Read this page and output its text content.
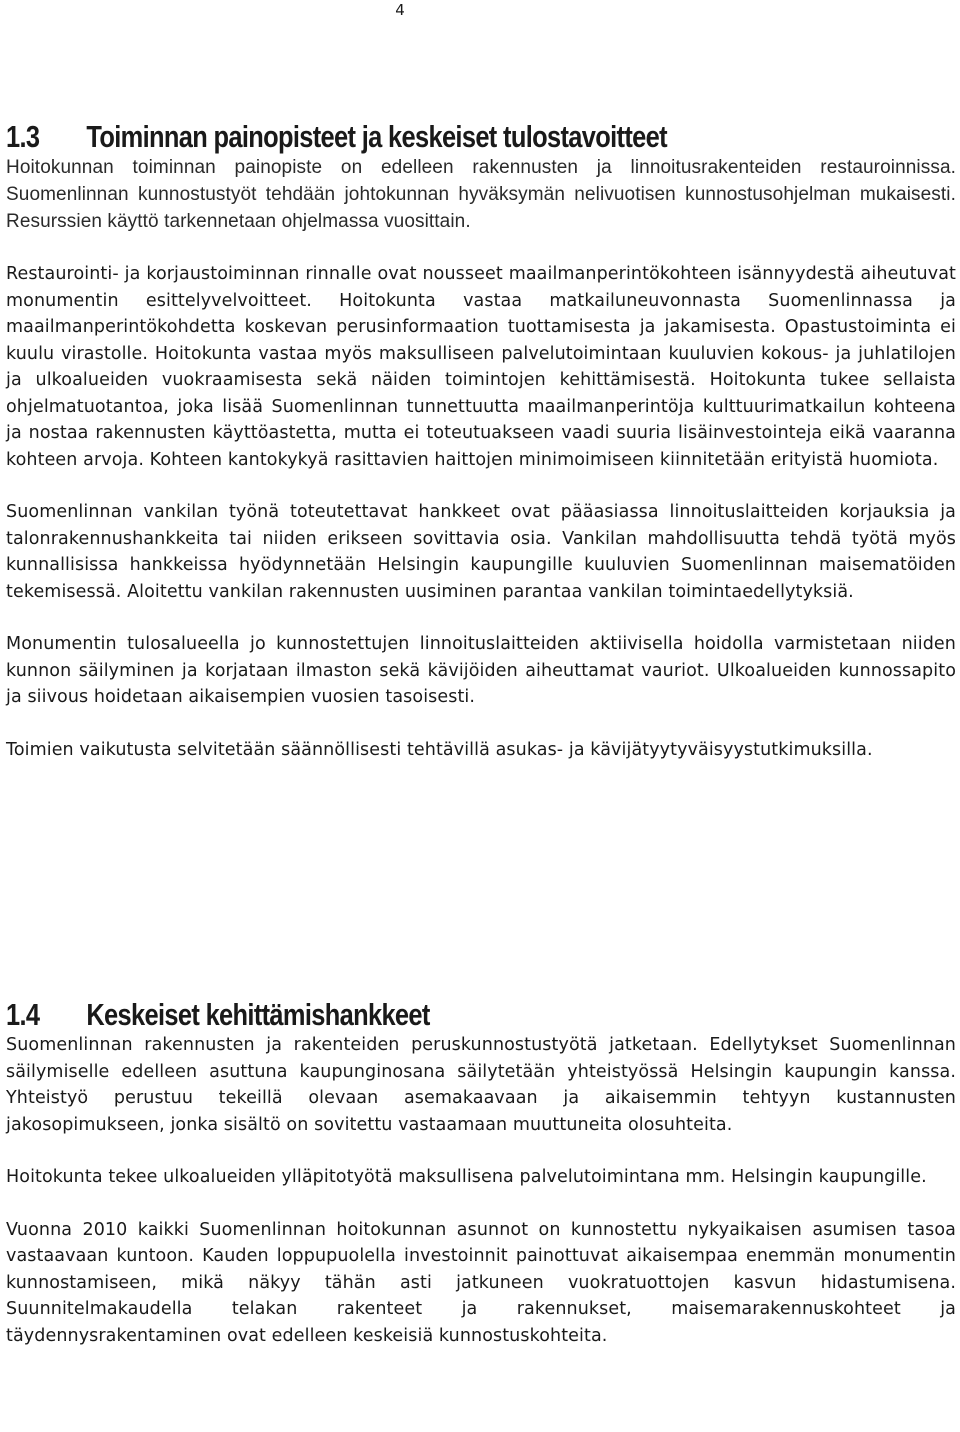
4
1.3 Toiminnan painopisteet ja keskeiset tulostavoitteet

Hoitokunnan toiminnan painopiste on edelleen rakennusten ja linnoitusrakenteiden restauroinnissa. Suomenlinnan kunnostustyöt tehdään johtokunnan hyväksymän nelivuotisen kunnostusohjelman mukaisesti. Resurssien käyttö tarkennetaan ohjelmassa vuosittain.

Restaurointi- ja korjaustoiminnan rinnalle ovat nousseet maailmanperintökohteen isännyydestä aiheutuvat monumentin esittelyvelvoitteet. Hoitokunta vastaa matkailuneuvonnasta Suomenlinnassa ja maailmanperintökohdetta koskevan perusinformaation tuottamisesta ja jakamisesta. Opastustoiminta ei kuulu virastolle. Hoitokunta vastaa myös maksulliseen palvelutoimintaan kuuluvien kokous- ja juhlatilojen ja ulkoalueiden vuokraamisesta sekä näiden toimintojen kehittämisestä. Hoitokunta tukee sellaista ohjelmatuotantoa, joka lisää Suomenlinnan tunnettuutta maailmanperintöja kulttuurimatkailun kohteena ja nostaa rakennusten käyttöastetta, mutta ei toteutuakseen vaadi suuria lisäinvestointeja eikä vaaranna kohteen arvoja. Kohteen kantokykyä rasittavien haittojen minimoimiseen kiinnitetään erityistä huomiota.

Suomenlinnan vankilan työnä toteutettavat hankkeet ovat pääasiassa linnoituslaitteiden korjauksia ja talonrakennushankkeita tai niiden erikseen sovittavia osia. Vankilan mahdollisuutta tehdä työtä myös kunnallisissa hankkeissa hyödynnetään Helsingin kaupungille kuuluvien Suomenlinnan maisematöiden tekemisessä. Aloitettu vankilan rakennusten uusiminen parantaa vankilan toimintaedellytyksiä.

Monumentin tulosalueella jo kunnostettujen linnoituslaitteiden aktiivisella hoidolla varmistetaan niiden kunnon säilyminen ja korjataan ilmaston sekä kävijöiden aiheuttamat vauriot. Ulkoalueiden kunnossapito ja siivous hoidetaan aikaisempien vuosien tasoisesti.

Toimien vaikutusta selvitetään säännöllisesti tehtävillä asukas- ja kävijätyytyväisyystutkimuksilla.

1.4 Keskeiset kehittämishankkeet

Suomenlinnan rakennusten ja rakenteiden peruskunnostustyötä jatketaan. Edellytykset Suomenlinnan säilymiselle edelleen asuttuna kaupunginosana säilytetään yhteistyössä Helsingin kaupungin kanssa. Yhteistyö perustuu tekeillä olevaan asemakaavaan ja aikaisemmin tehtyyn kustannusten jakosopimukseen, jonka sisältö on sovitettu vastaamaan muuttuneita olosuhteita.

Hoitokunta tekee ulkoalueiden ylläpitotyötä maksullisena palvelutoimintana mm. Helsingin kaupungille.

Vuonna 2010 kaikki Suomenlinnan hoitokunnan asunnot on kunnostettu nykyaikaisen asumisen tasoa vastaavaan kuntoon. Kauden loppupuolella investoinnit painottuvat aikaisempaa enemmän monumentin kunnostamiseen, mikä näkyy tähän asti jatkuneen vuokratuottojen kasvun hidastumisena. Suunnitelmakaudella telakan rakenteet ja rakennukset, maisemarakennuskohteet ja täydennysrakentaminen ovat edelleen keskeisiä kunnostuskohteita.
